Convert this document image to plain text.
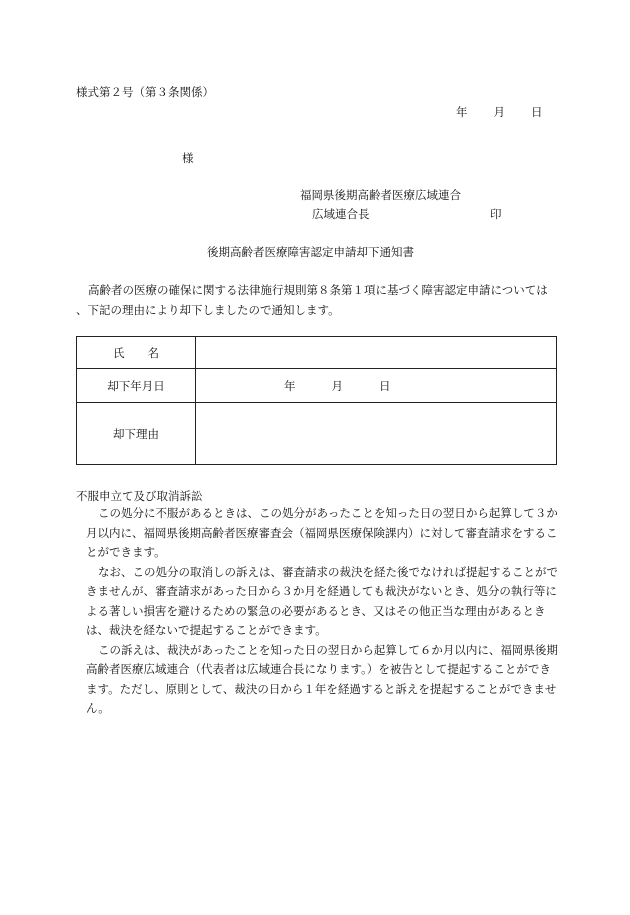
様式第２号（第３条関係）
年 月 日
様
福岡県後期高齢者医療広域連合
広域連合長	印
後期高齢者医療障害認定申請却下通知書

高齢者の医療の確保に関する法律施行規則第８条第１項に基づく障害認定申請については

、下記の理由により却下しましたので通知します。

氏　　名	
却下年月日	年 月 日
却下理由	
不服申立て及び取消訴訟

この処分に不服があるときは、この処分があったことを知った日の翌日から起算して３か月以内に、福岡県後期高齢者医療審査会（福岡県医療保険課内）に対して審査請求をすることができます。

なお、この処分の取消しの訴えは、審査請求の裁決を経た後でなければ提起することができませんが、審査請求があった日から３か月を経過しても裁決がないとき、処分の執行等による著しい損害を避けるための緊急の必要があるとき、又はその他正当な理由があるときは、裁決を経ないで提起することができます。

この訴えは、裁決があったことを知った日の翌日から起算して６か月以内に、福岡県後期高齢者医療広域連合（代表者は広域連合長になります。）を被告として提起することができます。ただし、原則として、裁決の日から１年を経過すると訴えを提起することができません。
